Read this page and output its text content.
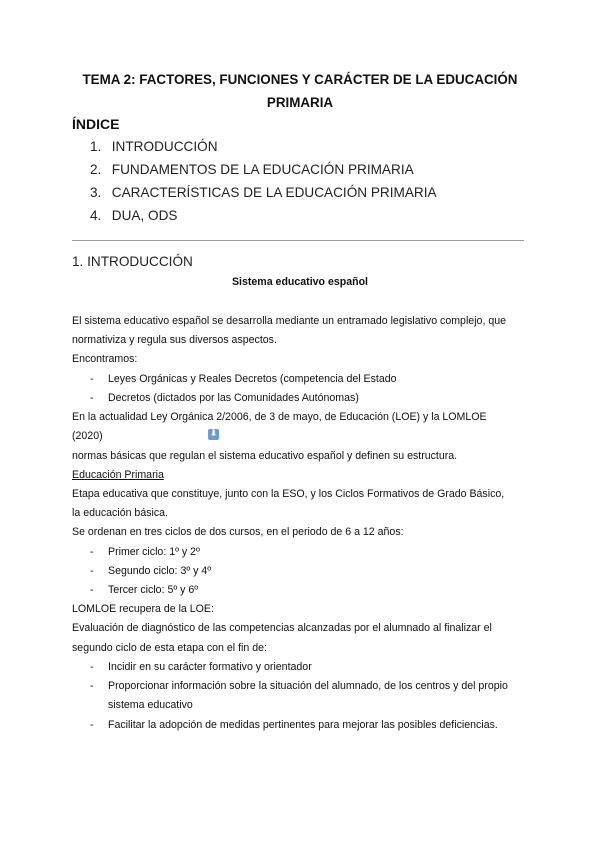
TEMA 2: FACTORES, FUNCIONES Y CARÁCTER DE LA EDUCACIÓN
PRIMARIA
ÍNDICE
1. INTRODUCCIÓN
2. FUNDAMENTOS DE LA EDUCACIÓN PRIMARIA
3. CARACTERÍSTICAS DE LA EDUCACIÓN PRIMARIA
4. DUA, ODS
1. INTRODUCCIÓN
Sistema educativo español
El sistema educativo español se desarrolla mediante un entramado legislativo complejo, que
normativiza y regula sus diversos aspectos.
Encontramos:
- Leyes Orgánicas y Reales Decretos (competencia del Estado
- Decretos (dictados por las Comunidades Autónomas)
En la actualidad Ley Orgánica 2/2006, de 3 de mayo, de Educación (LOE) y la LOMLOE
(2020)	⬇
normas básicas que regulan el sistema educativo español y definen su estructura.
Educación Primaria
Etapa educativa que constituye, junto con la ESO, y los Ciclos Formativos de Grado Básico,
la educación básica.
Se ordenan en tres ciclos de dos cursos, en el periodo de 6 a 12 años:
- Primer ciclo: 1º y 2º
- Segundo ciclo: 3º y 4º
- Tercer ciclo: 5º y 6º
LOMLOE recupera de la LOE:
Evaluación de diagnóstico de las competencias alcanzadas por el alumnado al finalizar el
segundo ciclo de esta etapa con el fin de:
- Incidir en su carácter formativo y orientador
- Proporcionar información sobre la situación del alumnado, de los centros y del propio
sistema educativo
- Facilitar la adopción de medidas pertinentes para mejorar las posibles deficiencias.
